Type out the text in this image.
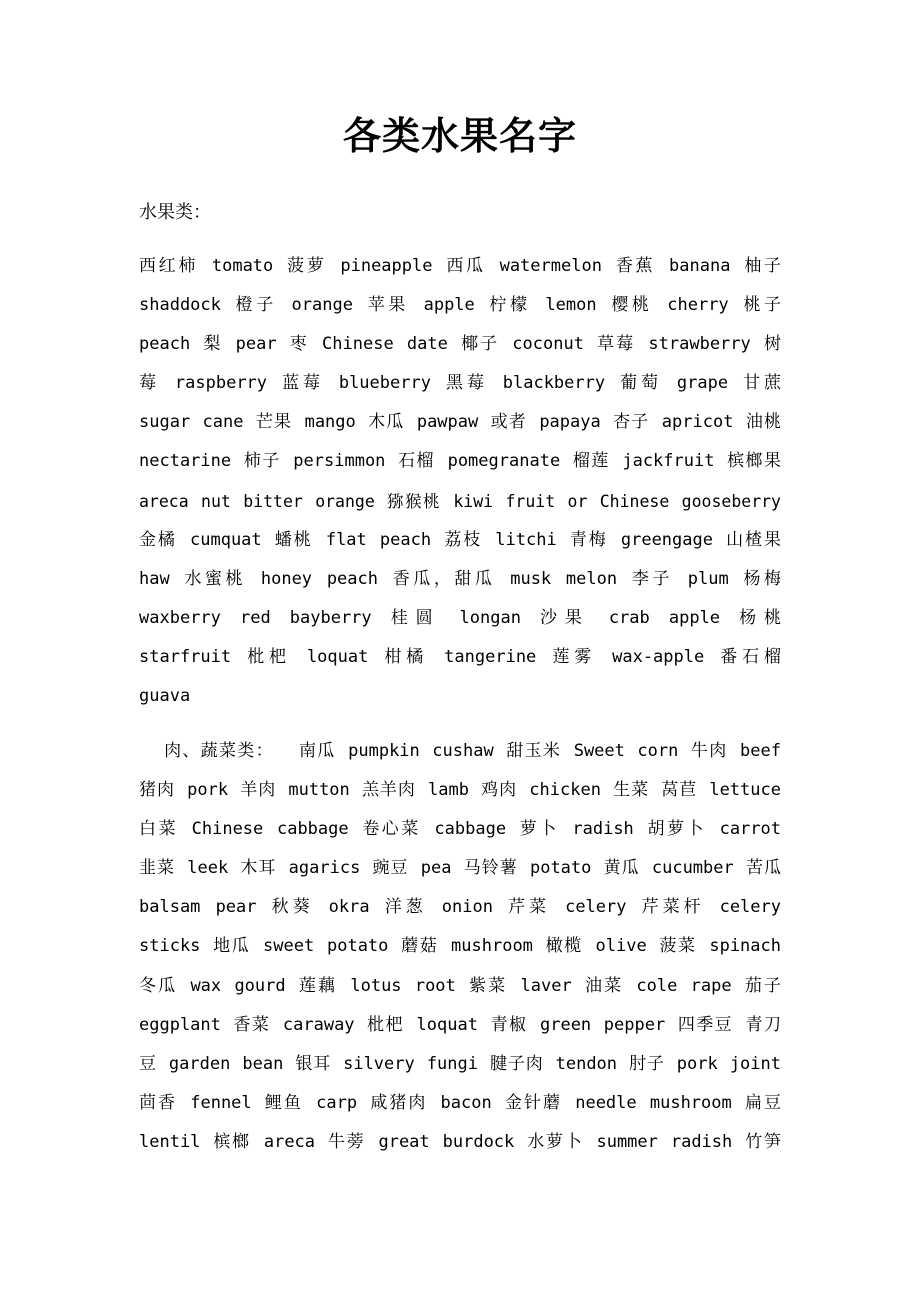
各类水果名字

水果类：

西红柿 tomato 菠萝 pineapple 西瓜 watermelon 香蕉 banana 柚子
shaddock 橙子 orange 苹果 apple 柠檬 lemon 樱桃 cherry 桃子
peach 梨 pear 枣 Chinese date 椰子 coconut 草莓 strawberry 树
莓 raspberry 蓝莓 blueberry 黑莓 blackberry 葡萄 grape 甘蔗
sugar cane 芒果 mango 木瓜 pawpaw 或者 papaya 杏子 apricot 油桃
nectarine 柿子 persimmon 石榴 pomegranate 榴莲 jackfruit 槟榔果
areca nut bitter orange 猕猴桃 kiwi fruit or Chinese gooseberry
金橘 cumquat 蟠桃 flat peach 荔枝 litchi 青梅 greengage 山楂果
haw 水蜜桃 honey peach 香瓜，甜瓜 musk melon 李子 plum 杨梅
waxberry red bayberry 桂圆 longan 沙果 crab apple 杨桃
starfruit 枇杷 loquat 柑橘 tangerine 莲雾 wax-apple 番石榴
guava
肉、蔬菜类：  南瓜 pumpkin cushaw 甜玉米 Sweet corn 牛肉 beef
猪肉 pork 羊肉 mutton 羔羊肉 lamb 鸡肉 chicken 生菜 莴苣 lettuce
白菜 Chinese cabbage 卷心菜 cabbage 萝卜 radish 胡萝卜 carrot
韭菜 leek 木耳 agarics 豌豆 pea 马铃薯 potato 黄瓜 cucumber 苦瓜
balsam pear 秋葵 okra 洋葱 onion 芹菜 celery 芹菜杆 celery
sticks 地瓜 sweet potato 蘑菇 mushroom 橄榄 olive 菠菜 spinach
冬瓜 wax gourd 莲藕 lotus root 紫菜 laver 油菜 cole rape 茄子
eggplant 香菜 caraway 枇杷 loquat 青椒 green pepper 四季豆 青刀
豆 garden bean 银耳 silvery fungi 腱子肉 tendon 肘子 pork joint
茴香 fennel 鲤鱼 carp 咸猪肉 bacon 金针蘑 needle mushroom 扁豆
lentil 槟榔 areca 牛蒡 great burdock 水萝卜 summer radish 竹笋
